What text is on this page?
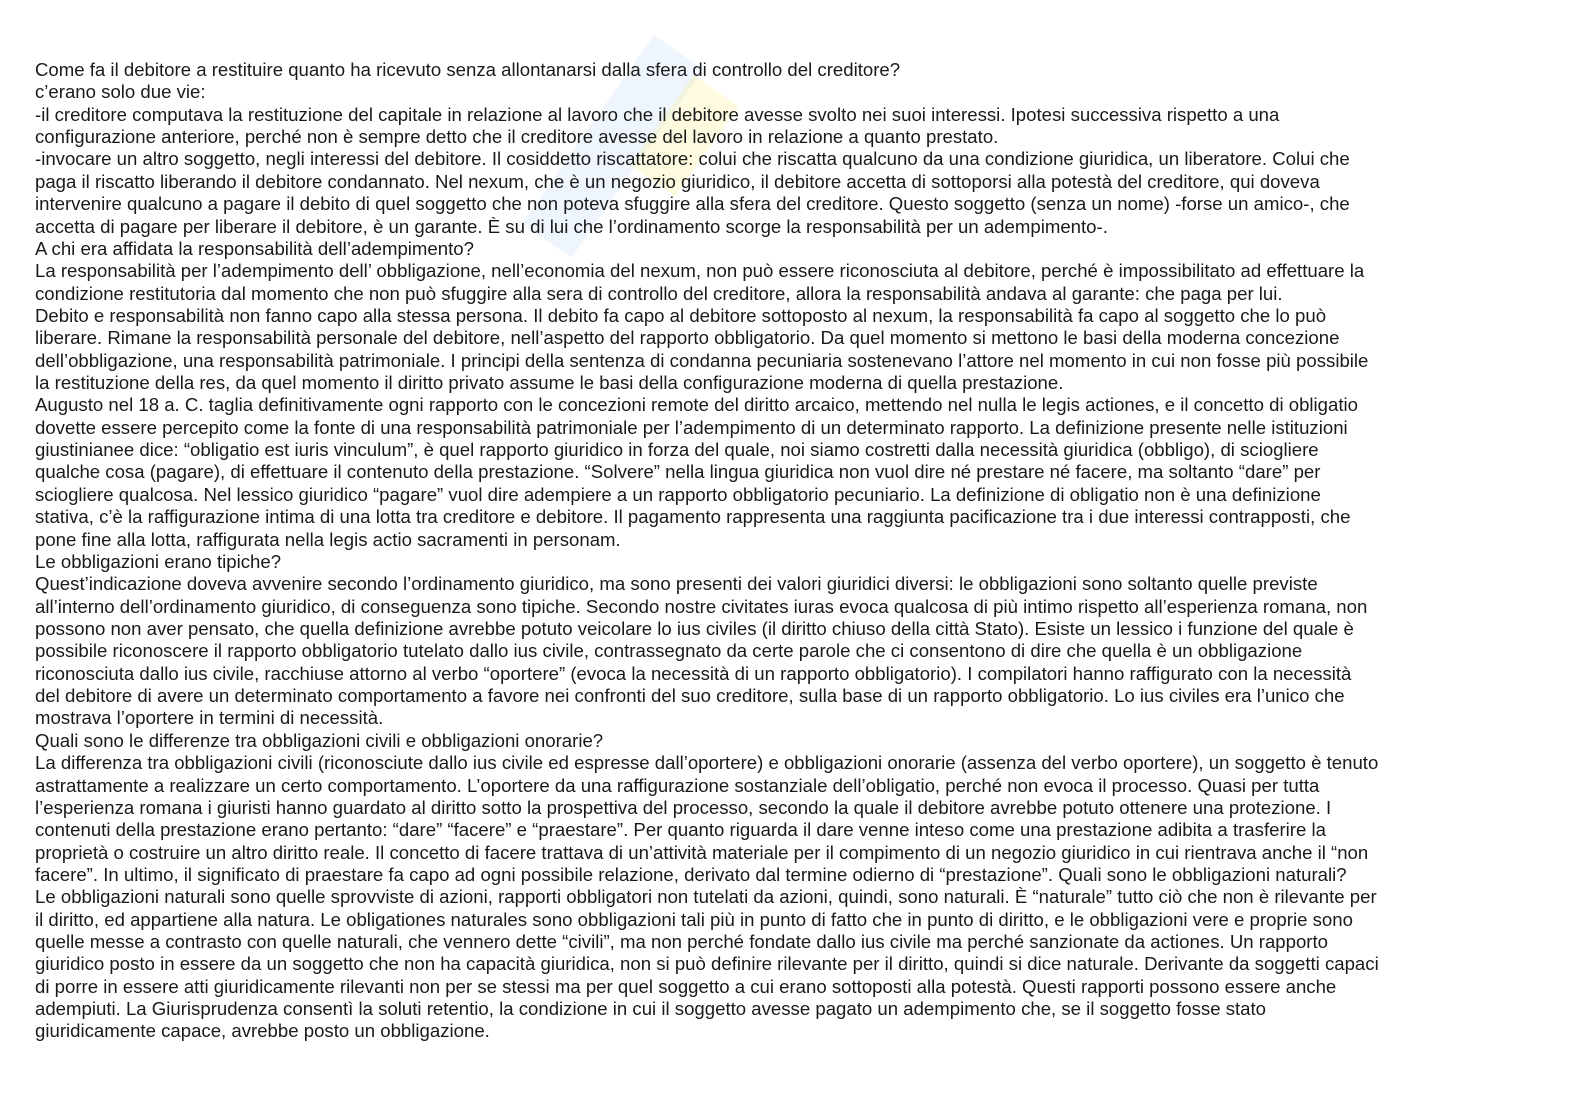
Come fa il debitore a restituire quanto ha ricevuto senza allontanarsi dalla sfera di controllo del creditore?
c’erano solo due vie:
-il creditore computava la restituzione del capitale in relazione al lavoro che il debitore avesse svolto nei suoi interessi. Ipotesi successiva rispetto a una
configurazione anteriore, perché non è sempre detto che il creditore avesse del lavoro in relazione a quanto prestato.
-invocare un altro soggetto, negli interessi del debitore. Il cosiddetto riscattatore: colui che riscatta qualcuno da una condizione giuridica, un liberatore. Colui che
paga il riscatto liberando il debitore condannato. Nel nexum, che è un negozio giuridico, il debitore accetta di sottoporsi alla potestà del creditore, qui doveva
intervenire qualcuno a pagare il debito di quel soggetto che non poteva sfuggire alla sfera del creditore. Questo soggetto (senza un nome) -forse un amico-, che
accetta di pagare per liberare il debitore, è un garante. È su di lui che l’ordinamento scorge la responsabilità per un adempimento-.
A chi era affidata la responsabilità dell’adempimento?
La responsabilità per l’adempimento dell’ obbligazione, nell’economia del nexum, non può essere riconosciuta al debitore, perché è impossibilitato ad effettuare la
condizione restitutoria dal momento che non può sfuggire alla sera di controllo del creditore, allora la responsabilità andava al garante: che paga per lui.
Debito e responsabilità non fanno capo alla stessa persona. Il debito fa capo al debitore sottoposto al nexum, la responsabilità fa capo al soggetto che lo può
liberare. Rimane la responsabilità personale del debitore, nell’aspetto del rapporto obbligatorio. Da quel momento si mettono le basi della moderna concezione
dell’obbligazione, una responsabilità patrimoniale. I principi della sentenza di condanna pecuniaria sostenevano l’attore nel momento in cui non fosse più possibile
la restituzione della res, da quel momento il diritto privato assume le basi della configurazione moderna di quella prestazione.
Augusto nel 18 a. C. taglia definitivamente ogni rapporto con le concezioni remote del diritto arcaico, mettendo nel nulla le legis actiones, e il concetto di obligatio
dovette essere percepito come la fonte di una responsabilità patrimoniale per l’adempimento di un determinato rapporto. La definizione presente nelle istituzioni
giustinianee dice: “obligatio est iuris vinculum”, è quel rapporto giuridico in forza del quale, noi siamo costretti dalla necessità giuridica (obbligo), di sciogliere
qualche cosa (pagare), di effettuare il contenuto della prestazione. “Solvere” nella lingua giuridica non vuol dire né prestare né facere, ma soltanto “dare” per
sciogliere qualcosa. Nel lessico giuridico “pagare” vuol dire adempiere a un rapporto obbligatorio pecuniario. La definizione di obligatio non è una definizione
stativa, c’è la raffigurazione intima di una lotta tra creditore e debitore. Il pagamento rappresenta una raggiunta pacificazione tra i due interessi contrapposti, che
pone fine alla lotta, raffigurata nella legis actio sacramenti in personam.
Le obbligazioni erano tipiche?
Quest’indicazione doveva avvenire secondo l’ordinamento giuridico, ma sono presenti dei valori giuridici diversi: le obbligazioni sono soltanto quelle previste
all’interno dell’ordinamento giuridico, di conseguenza sono tipiche. Secondo nostre civitates iuras evoca qualcosa di più intimo rispetto all’esperienza romana, non
possono non aver pensato, che quella definizione avrebbe potuto veicolare lo ius civiles (il diritto chiuso della città Stato). Esiste un lessico i funzione del quale è
possibile riconoscere il rapporto obbligatorio tutelato dallo ius civile, contrassegnato da certe parole che ci consentono di dire che quella è un obbligazione
riconosciuta dallo ius civile, racchiuse attorno al verbo “oportere” (evoca la necessità di un rapporto obbligatorio). I compilatori hanno raffigurato con la necessità
del debitore di avere un determinato comportamento a favore nei confronti del suo creditore, sulla base di un rapporto obbligatorio. Lo ius civiles era l’unico che
mostrava l’oportere in termini di necessità.
Quali sono le differenze tra obbligazioni civili e obbligazioni onorarie?
La differenza tra obbligazioni civili (riconosciute dallo ius civile ed espresse dall’oportere) e obbligazioni onorarie (assenza del verbo oportere), un soggetto è tenuto
astrattamente a realizzare un certo comportamento. L’oportere da una raffigurazione sostanziale dell’obligatio, perché non evoca il processo. Quasi per tutta
l’esperienza romana i giuristi hanno guardato al diritto sotto la prospettiva del processo, secondo la quale il debitore avrebbe potuto ottenere una protezione. I
contenuti della prestazione erano pertanto: “dare” “facere” e “praestare”. Per quanto riguarda il dare venne inteso come una prestazione adibita a trasferire la
proprietà o costruire un altro diritto reale. Il concetto di facere trattava di un’attività materiale per il compimento di un negozio giuridico in cui rientrava anche il “non
facere”. In ultimo, il significato di praestare fa capo ad ogni possibile relazione, derivato dal termine odierno di “prestazione”. Quali sono le obbligazioni naturali?
Le obbligazioni naturali sono quelle sprovviste di azioni, rapporti obbligatori non tutelati da azioni, quindi, sono naturali. È “naturale” tutto ciò che non è rilevante per
il diritto, ed appartiene alla natura. Le obligationes naturales sono obbligazioni tali più in punto di fatto che in punto di diritto, e le obbligazioni vere e proprie sono
quelle messe a contrasto con quelle naturali, che vennero dette “civili”, ma non perché fondate dallo ius civile ma perché sanzionate da actiones. Un rapporto
giuridico posto in essere da un soggetto che non ha capacità giuridica, non si può definire rilevante per il diritto, quindi si dice naturale. Derivante da soggetti capaci
di porre in essere atti giuridicamente rilevanti non per se stessi ma per quel soggetto a cui erano sottoposti alla potestà. Questi rapporti possono essere anche
adempiuti. La Giurisprudenza consentì la soluti retentio, la condizione in cui il soggetto avesse pagato un adempimento che, se il soggetto fosse stato
giuridicamente capace, avrebbe posto un obbligazione.
